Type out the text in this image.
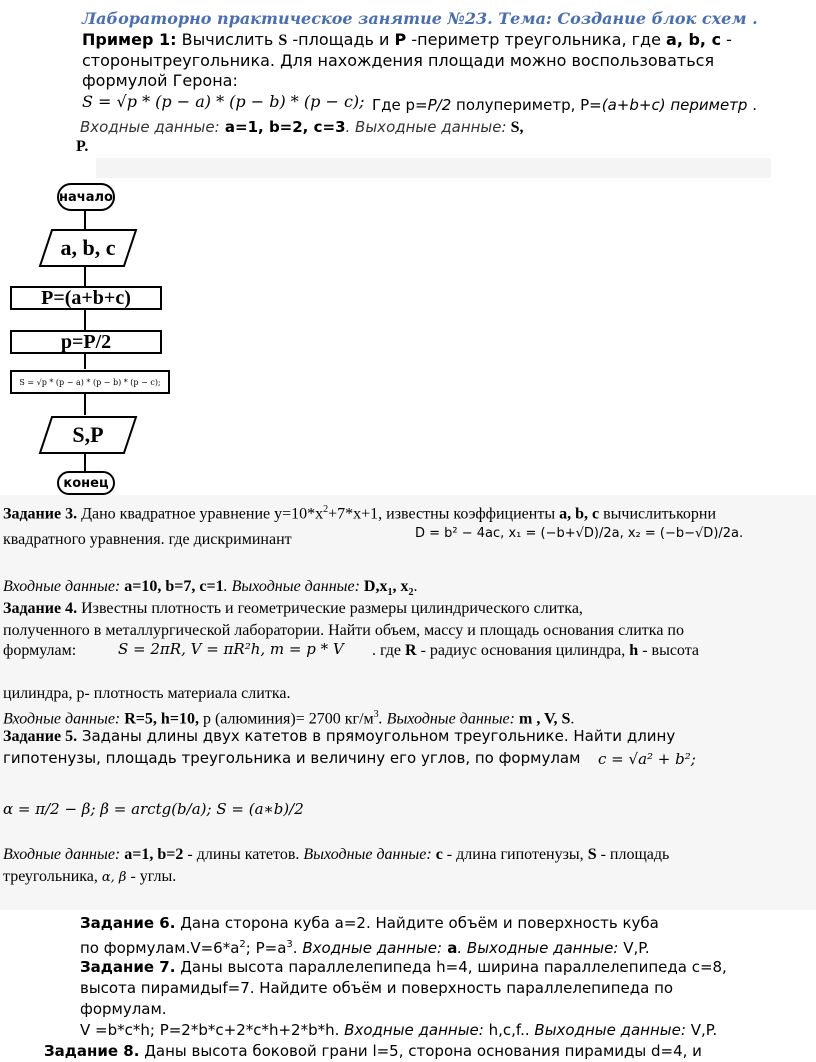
Лабораторно практическое занятие №23. Тема: Создание блок схем .
Пример 1: Вычислить S -площадь и P -периметр треугольника, где a, b, c -
сторонытреугольника. Для нахождения площади можно воспользоваться
формулой Герона:
S = √p * (p − a) * (p − b) * (p − c); Где p=P/2 полупериметр, P=(a+b+c) периметр .
Входные данные: a=1, b=2, c=3. Выходные данные: S,
P.
начало
a, b, c
P=(a+b+c)
p=P/2
S = √p * (p − a) * (p − b) * (p − c);
S,P
конец
Задание 3. Дано квадратное уравнение $y=10*x^2+7*x+1$, известны коэффициенты a, b, c вычислитькорни
квадратного уравнения. где дискриминант	D = b² − 4ac, x₁ = (−b+√D)/2a, x₂ = (−b−√D)/2a.
Входные данные: a=10, b=7, c=1. Выходные данные: $D,x_1$, $x_2$.
Задание 4. Известны плотность и геометрические размеры цилиндрического слитка,
полученного в металлургической лаборатории. Найти объем, массу и площадь основания слитка по
формулам:	S = 2πR, V = πR²h, m = p * V . где R - радиус основания цилиндра, h - высота
цилиндра, p- плотность материала слитка.
Входные данные: R=5, h=10, p (алюминия)= 2700 $кг/м^3$. Выходные данные: m , V, S.
Задание 5. Заданы длины двух катетов в прямоугольном треугольнике. Найти длину
гипотенузы, площадь треугольника и величину его углов, по формулам c = √a² + b²;
α = π/2 − β; β = arctg(b/a); S = (a∗b)/2
Входные данные: a=1, b=2 - длины катетов. Выходные данные: c - длина гипотенузы, S - площадь
треугольника, α, β - углы.
Задание 6. Дана сторона куба a=2. Найдите объём и поверхность куба
по $формулам.V=6*a^2$; $P=a^3$. Входные данные: a. Выходные данные: V,P.
Задание 7. Даны высота параллелепипеда h=4, ширина параллелепипеда c=8,
высота пирамидыf=7. Найдите объём и поверхность параллелепипеда по
формулам.
V =b*c*h; P=2*b*c+2*c*h+2*b*h. Входные данные: h,c,f.. Выходные данные: V,P.
Задание 8. Даны высота боковой грани l=5, сторона основания пирамиды d=4, и
